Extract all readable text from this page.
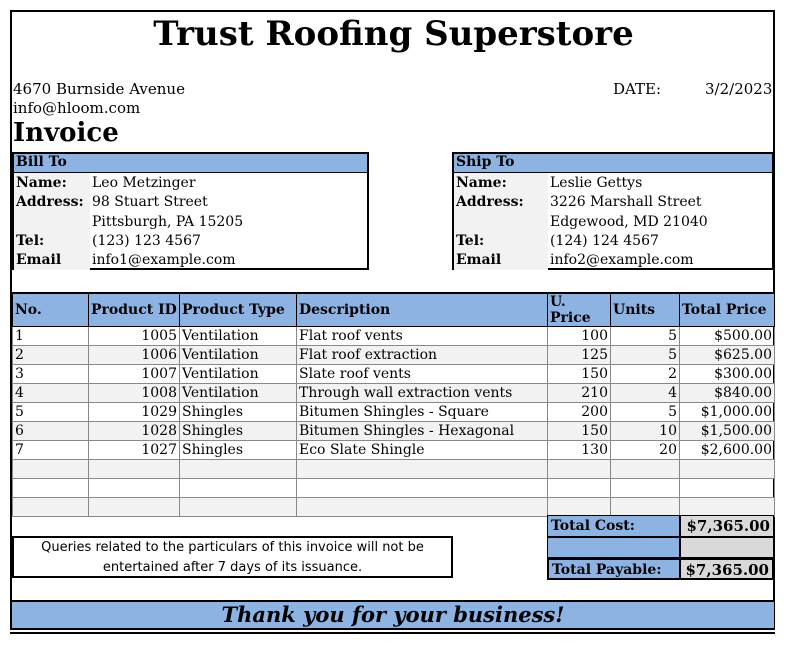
Trust Roofing Superstore
4670 Burnside Avenue
info@hloom.com
DATE:	3/2/2023
Invoice
Bill To
Name: Leo Metzinger
Address: 98 Stuart Street
Pittsburgh, PA 15205
Tel:	(123) 123 4567
Email info1@example.com
Ship To
Name:	Leslie Gettys
Address: 3226 Marshall Street
Edgewood, MD 21040
Tel:	(124) 124 4567
Email	info2@example.com
No.	Product ID	Product Type	Description	U. Price	Units	Total Price
1	1005	Ventilation	Flat roof vents	100	5	$500.00
2	1006	Ventilation	Flat roof extraction	125	5	$625.00
3	1007	Ventilation	Slate roof vents	150	2	$300.00
4	1008	Ventilation	Through wall extraction vents	210	4	$840.00
5	1029	Shingles	Bitumen Shingles - Square	200	5	$1,000.00
6	1028	Shingles	Bitumen Shingles - Hexagonal	150	10	$1,500.00
7	1027	Shingles	Eco Slate Shingle	130	20	$2,600.00

Total Cost:	$7,365.00
Total Payable:	$7,365.00
Queries related to the particulars of this invoice will not be
entertained after 7 days of its issuance.
Thank you for your business!
